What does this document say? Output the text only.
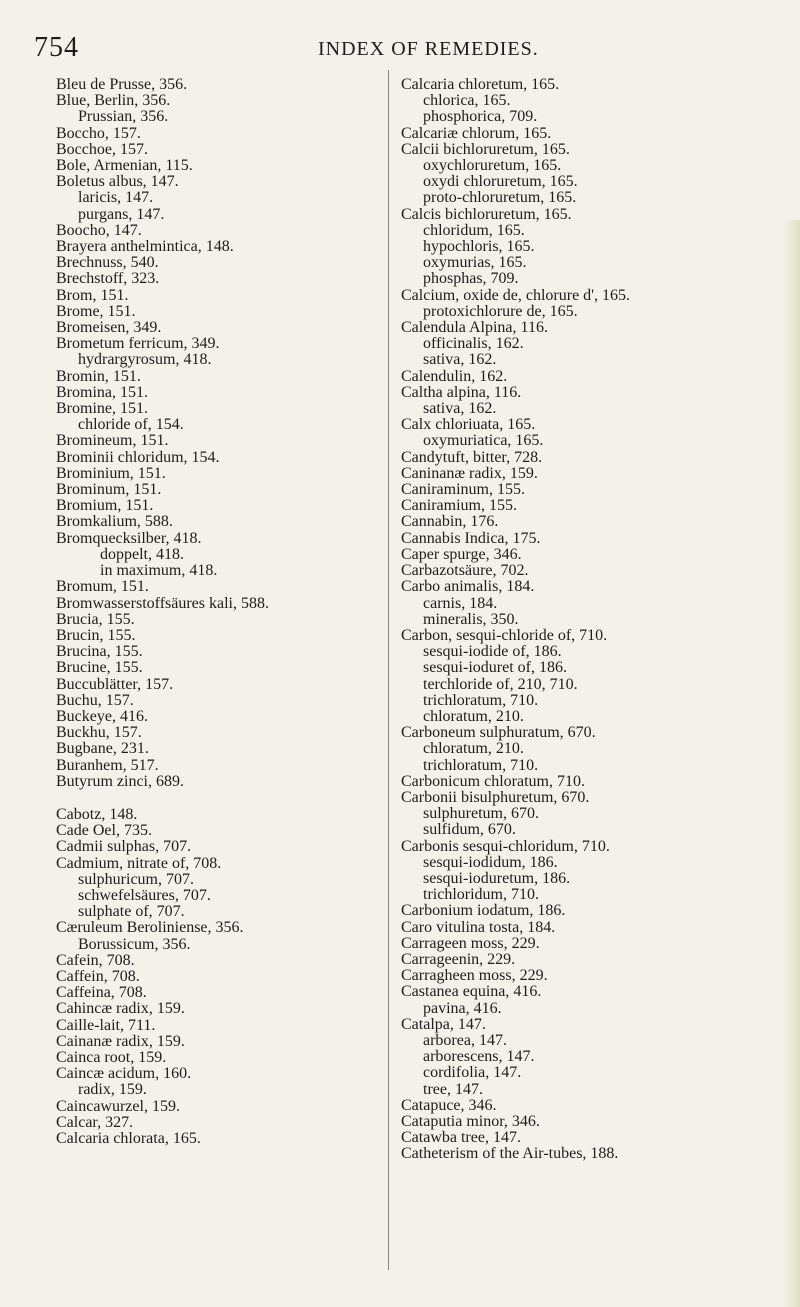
754	INDEX OF REMEDIES.
Bleu de Prusse, 356.
Blue, Berlin, 356.
Prussian, 356.
Boccho, 157.
Bocchoe, 157.
Bole, Armenian, 115.
Boletus albus, 147.
laricis, 147.
purgans, 147.
Boocho, 147.
Brayera anthelmintica, 148.
Brechnuss, 540.
Brechstoff, 323.
Brom, 151.
Brome, 151.
Bromeisen, 349.
Brometum ferricum, 349.
hydrargyrosum, 418.
Bromin, 151.
Bromina, 151.
Bromine, 151.
chloride of, 154.
Bromineum, 151.
Brominii chloridum, 154.
Brominium, 151.
Brominum, 151.
Bromium, 151.
Bromkalium, 588.
Bromquecksilber, 418.
doppelt, 418.
in maximum, 418.
Bromum, 151.
Bromwasserstoffsäures kali, 588.
Brucia, 155.
Brucin, 155.
Brucina, 155.
Brucine, 155.
Buccublätter, 157.
Buchu, 157.
Buckeye, 416.
Buckhu, 157.
Bugbane, 231.
Buranhem, 517.
Butyrum zinci, 689.
Cabotz, 148.
Cade Oel, 735.
Cadmii sulphas, 707.
Cadmium, nitrate of, 708.
sulphuricum, 707.
schwefelsäures, 707.
sulphate of, 707.
Cæruleum Beroliniense, 356.
Borussicum, 356.
Cafein, 708.
Caffein, 708.
Caffeina, 708.
Cahincæ radix, 159.
Caille-lait, 711.
Cainanæ radix, 159.
Cainca root, 159.
Caincæ acidum, 160.
radix, 159.
Caincawurzel, 159.
Calcar, 327.
Calcaria chlorata, 165.
Calcaria chloretum, 165.
chlorica, 165.
phosphorica, 709.
Calcariæ chlorum, 165.
Calcii bichloruretum, 165.
oxychloruretum, 165.
oxydi chloruretum, 165.
proto-chloruretum, 165.
Calcis bichloruretum, 165.
chloridum, 165.
hypochloris, 165.
oxymurias, 165.
phosphas, 709.
Calcium, oxide de, chlorure d', 165.
protoxichlorure de, 165.
Calendula Alpina, 116.
officinalis, 162.
sativa, 162.
Calendulin, 162.
Caltha alpina, 116.
sativa, 162.
Calx chloriuata, 165.
oxymuriatica, 165.
Candytuft, bitter, 728.
Caninanæ radix, 159.
Caniraminum, 155.
Caniramium, 155.
Cannabin, 176.
Cannabis Indica, 175.
Caper spurge, 346.
Carbazotsäure, 702.
Carbo animalis, 184.
carnis, 184.
mineralis, 350.
Carbon, sesqui-chloride of, 710.
sesqui-iodide of, 186.
sesqui-ioduret of, 186.
terchloride of, 210, 710.
trichloratum, 710.
chloratum, 210.
Carboneum sulphuratum, 670.
chloratum, 210.
trichloratum, 710.
Carbonicum chloratum, 710.
Carbonii bisulphuretum, 670.
sulphuretum, 670.
sulfidum, 670.
Carbonis sesqui-chloridum, 710.
sesqui-iodidum, 186.
sesqui-ioduretum, 186.
trichloridum, 710.
Carbonium iodatum, 186.
Caro vitulina tosta, 184.
Carrageen moss, 229.
Carrageenin, 229.
Carragheen moss, 229.
Castanea equina, 416.
pavina, 416.
Catalpa, 147.
arborea, 147.
arborescens, 147.
cordifolia, 147.
tree, 147.
Catapuce, 346.
Cataputia minor, 346.
Catawba tree, 147.
Catheterism of the Air-tubes, 188.
